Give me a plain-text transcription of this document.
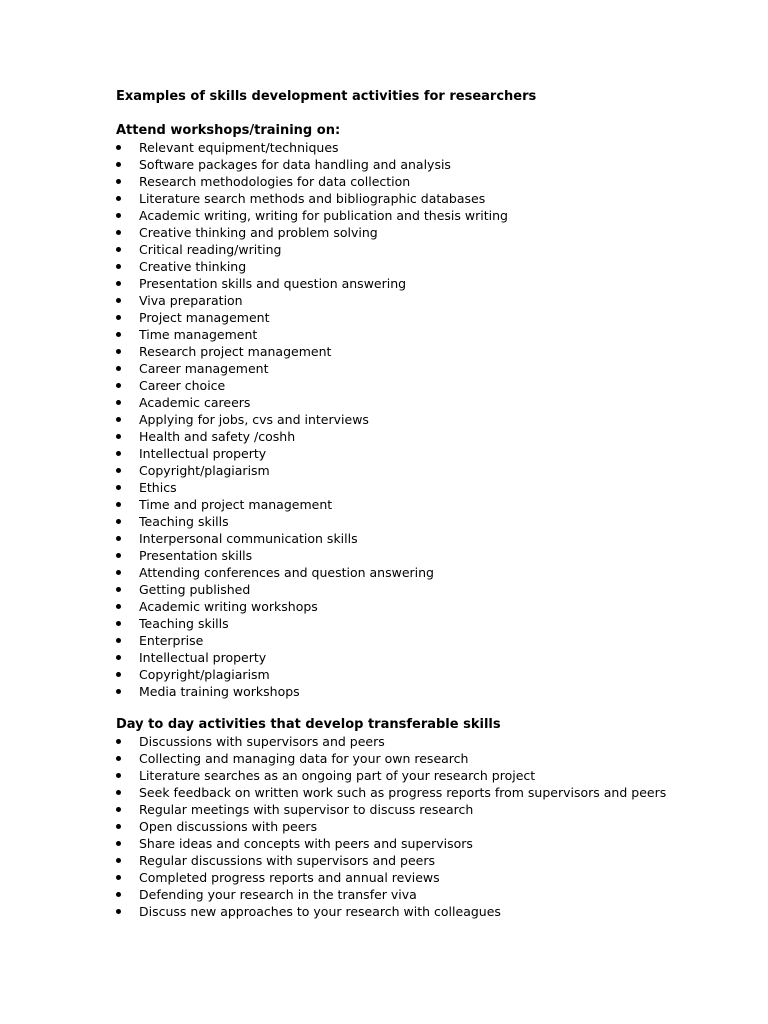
Examples of skills development activities for researchers
Attend workshops/training on:
Relevant equipment/techniques
Software packages for data handling and analysis
Research methodologies for data collection
Literature search methods and bibliographic databases
Academic writing, writing for publication and thesis writing
Creative thinking and problem solving
Critical reading/writing
Creative thinking
Presentation skills and question answering
Viva preparation
Project management
Time management
Research project management
Career management
Career choice
Academic careers
Applying for jobs, cvs and interviews
Health and safety /coshh
Intellectual property
Copyright/plagiarism
Ethics
Time and project management
Teaching skills
Interpersonal communication skills
Presentation skills
Attending conferences and question answering
Getting published
Academic writing workshops
Teaching skills
Enterprise
Intellectual property
Copyright/plagiarism
Media training workshops
Day to day activities that develop transferable skills
Discussions with supervisors and peers
Collecting and managing data for your own research
Literature searches as an ongoing part of your research project
Seek feedback on written work such as progress reports from supervisors and peers
Regular meetings with supervisor to discuss research
Open discussions with peers
Share ideas and concepts with peers and supervisors
Regular discussions with supervisors and peers
Completed progress reports and annual reviews
Defending your research in the transfer viva
Discuss new approaches to your research with colleagues
